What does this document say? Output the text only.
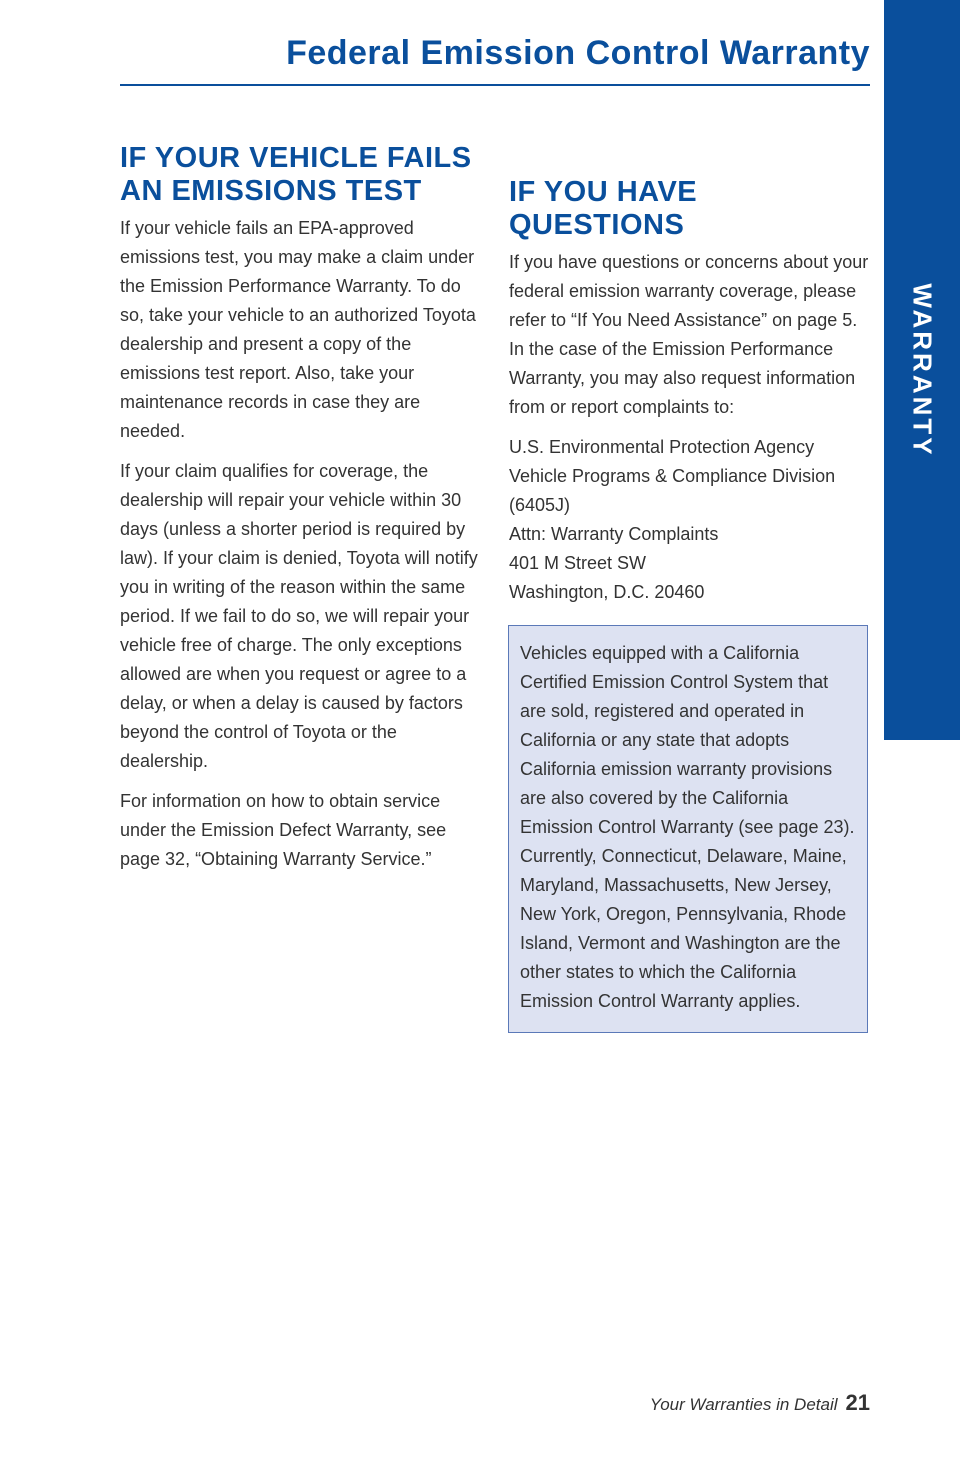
WARRANTY
Federal Emission Control Warranty
IF YOUR VEHICLE FAILS
AN EMISSIONS TEST

If your vehicle fails an EPA-approved emissions test, you may make a claim under the Emission Performance Warranty. To do so, take your vehicle to an authorized Toyota dealership and present a copy of the emissions test report. Also, take your maintenance records in case they are needed.

If your claim qualifies for coverage, the dealership will repair your vehicle within 30 days (unless a shorter period is required by law). If your claim is denied, Toyota will notify you in writing of the reason within the same period. If we fail to do so, we will repair your vehicle free of charge. The only exceptions allowed are when you request or agree to a delay, or when a delay is caused by factors beyond the control of Toyota or the dealership.

For information on how to obtain service under the Emission Defect Warranty, see page 32, “Obtaining Warranty Service.”

IF YOU HAVE QUESTIONS

If you have questions or concerns about your federal emission warranty coverage, please refer to “If You Need Assistance” on page 5. In the case of the Emission Performance Warranty, you may also request information from or report complaints to:

U.S. Environmental Protection Agency

Vehicle Programs & Compliance Division

(6405J)

Attn: Warranty Complaints

401 M Street SW

Washington, D.C. 20460

Vehicles equipped with a California Certified Emission Control System that are sold, registered and operated in California or any state that adopts California emission warranty provisions are also covered by the California Emission Control Warranty (see page 23). Currently, Connecticut, Delaware, Maine, Maryland, Massachusetts, New Jersey, New York, Oregon, Pennsylvania, Rhode Island, Vermont and Washington are the other states to which the California Emission Control Warranty applies.

Your Warranties in Detail 21
